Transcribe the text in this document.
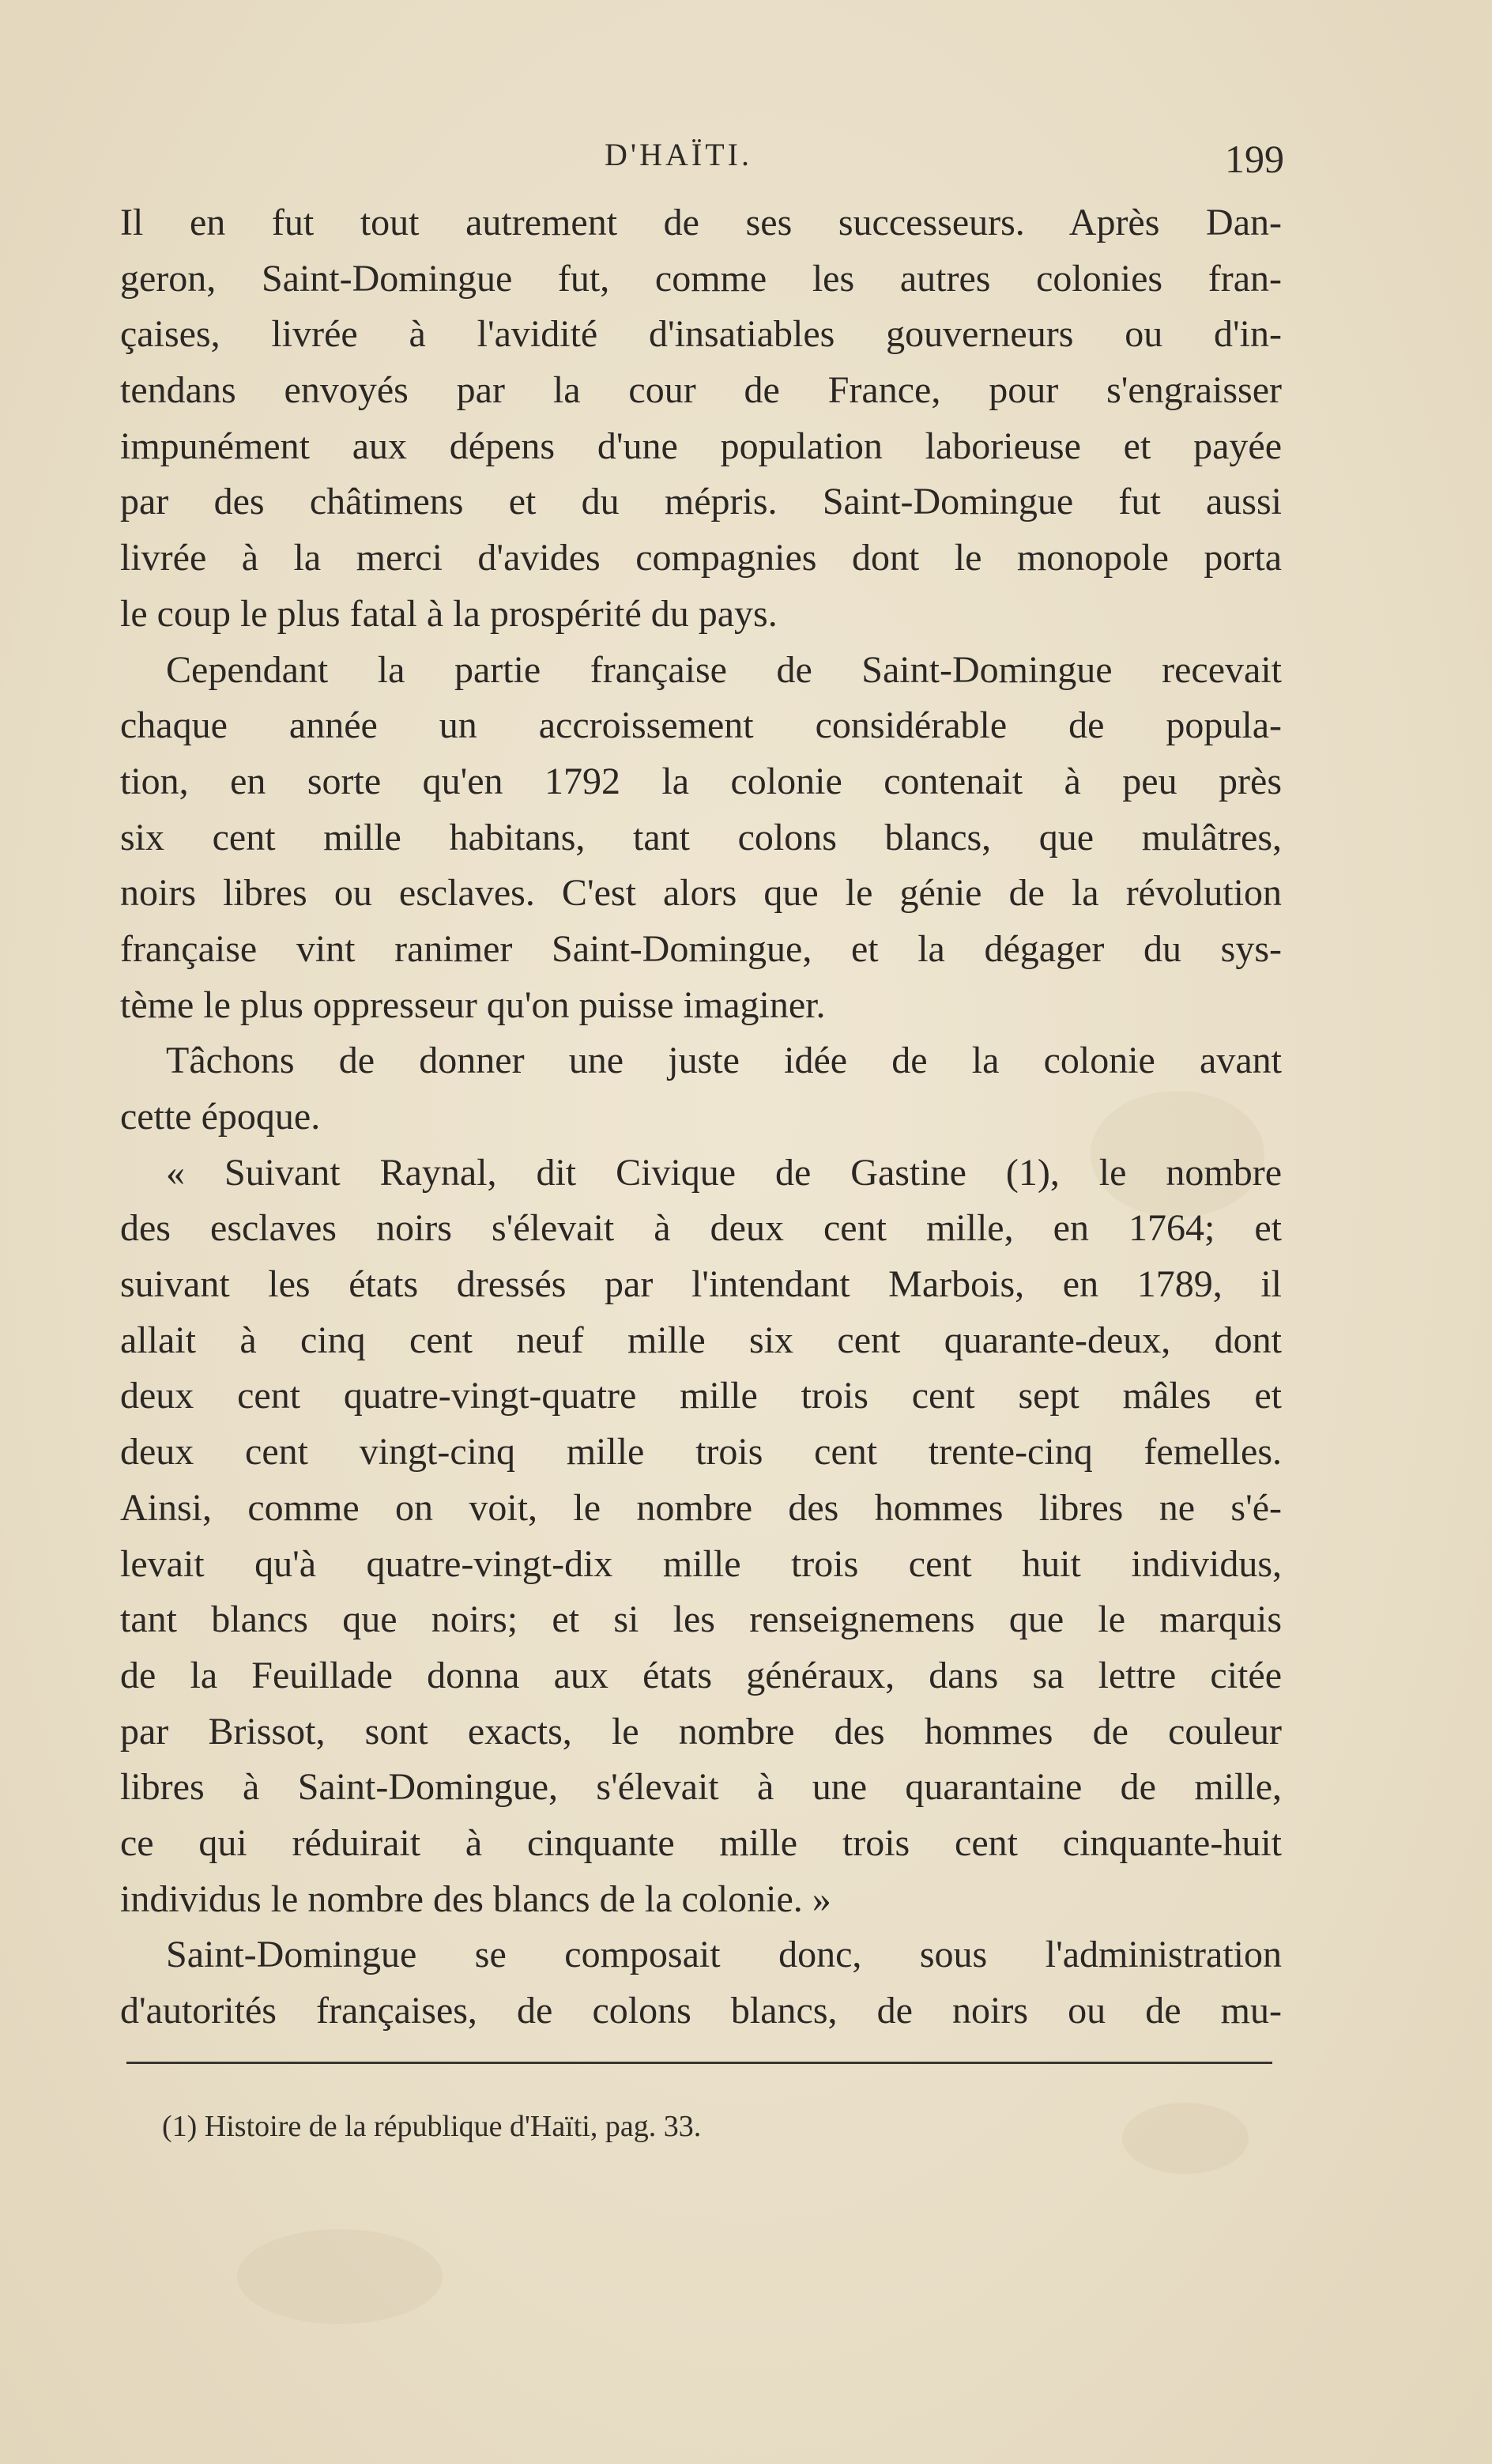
D'HAÏTI.	199
Il en fut tout autrement de ses successeurs. Après Dan-
geron, Saint-Domingue fut, comme les autres colonies fran-
çaises, livrée à l'avidité d'insatiables gouverneurs ou d'in-
tendans envoyés par la cour de France, pour s'engraisser
impunément aux dépens d'une population laborieuse et payée
par des châtimens et du mépris. Saint-Domingue fut aussi
livrée à la merci d'avides compagnies dont le monopole porta
le coup le plus fatal à la prospérité du pays.
Cependant la partie française de Saint-Domingue recevait
chaque année un accroissement considérable de popula-
tion, en sorte qu'en 1792 la colonie contenait à peu près
six cent mille habitans, tant colons blancs, que mulâtres,
noirs libres ou esclaves. C'est alors que le génie de la révolution
française vint ranimer Saint-Domingue, et la dégager du sys-
tème le plus oppresseur qu'on puisse imaginer.
Tâchons de donner une juste idée de la colonie avant
cette époque.
« Suivant Raynal, dit Civique de Gastine (1), le nombre
des esclaves noirs s'élevait à deux cent mille, en 1764; et
suivant les états dressés par l'intendant Marbois, en 1789, il
allait à cinq cent neuf mille six cent quarante-deux, dont
deux cent quatre-vingt-quatre mille trois cent sept mâles et
deux cent vingt-cinq mille trois cent trente-cinq femelles.
Ainsi, comme on voit, le nombre des hommes libres ne s'é-
levait qu'à quatre-vingt-dix mille trois cent huit individus,
tant blancs que noirs; et si les renseignemens que le marquis
de la Feuillade donna aux états généraux, dans sa lettre citée
par Brissot, sont exacts, le nombre des hommes de couleur
libres à Saint-Domingue, s'élevait à une quarantaine de mille,
ce qui réduirait à cinquante mille trois cent cinquante-huit
individus le nombre des blancs de la colonie. »
Saint-Domingue se composait donc, sous l'administration
d'autorités françaises, de colons blancs, de noirs ou de mu-
(1) Histoire de la république d'Haïti, pag. 33.
